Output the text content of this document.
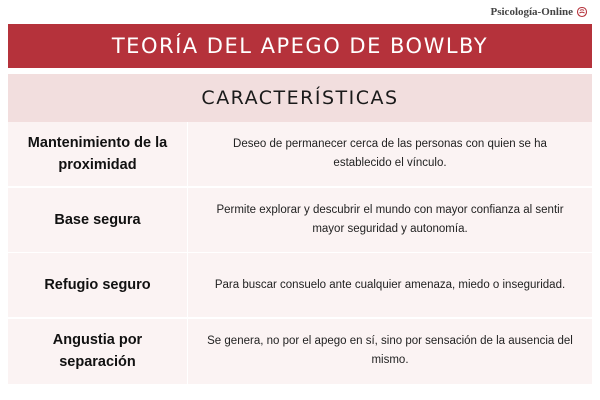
Psicología-Online
TEORÍA DEL APEGO DE BOWLBY
CARACTERÍSTICAS
Mantenimiento de la proximidad
Deseo de permanecer cerca de las personas con quien se ha establecido el vínculo.
Base segura
Permite explorar y descubrir el mundo con mayor confianza al sentir mayor seguridad y autonomía.
Refugio seguro	Para buscar consuelo ante cualquier amenaza, miedo o inseguridad.
Angustia por separación
Se genera, no por el apego en sí, sino por sensación de la ausencia del mismo.
